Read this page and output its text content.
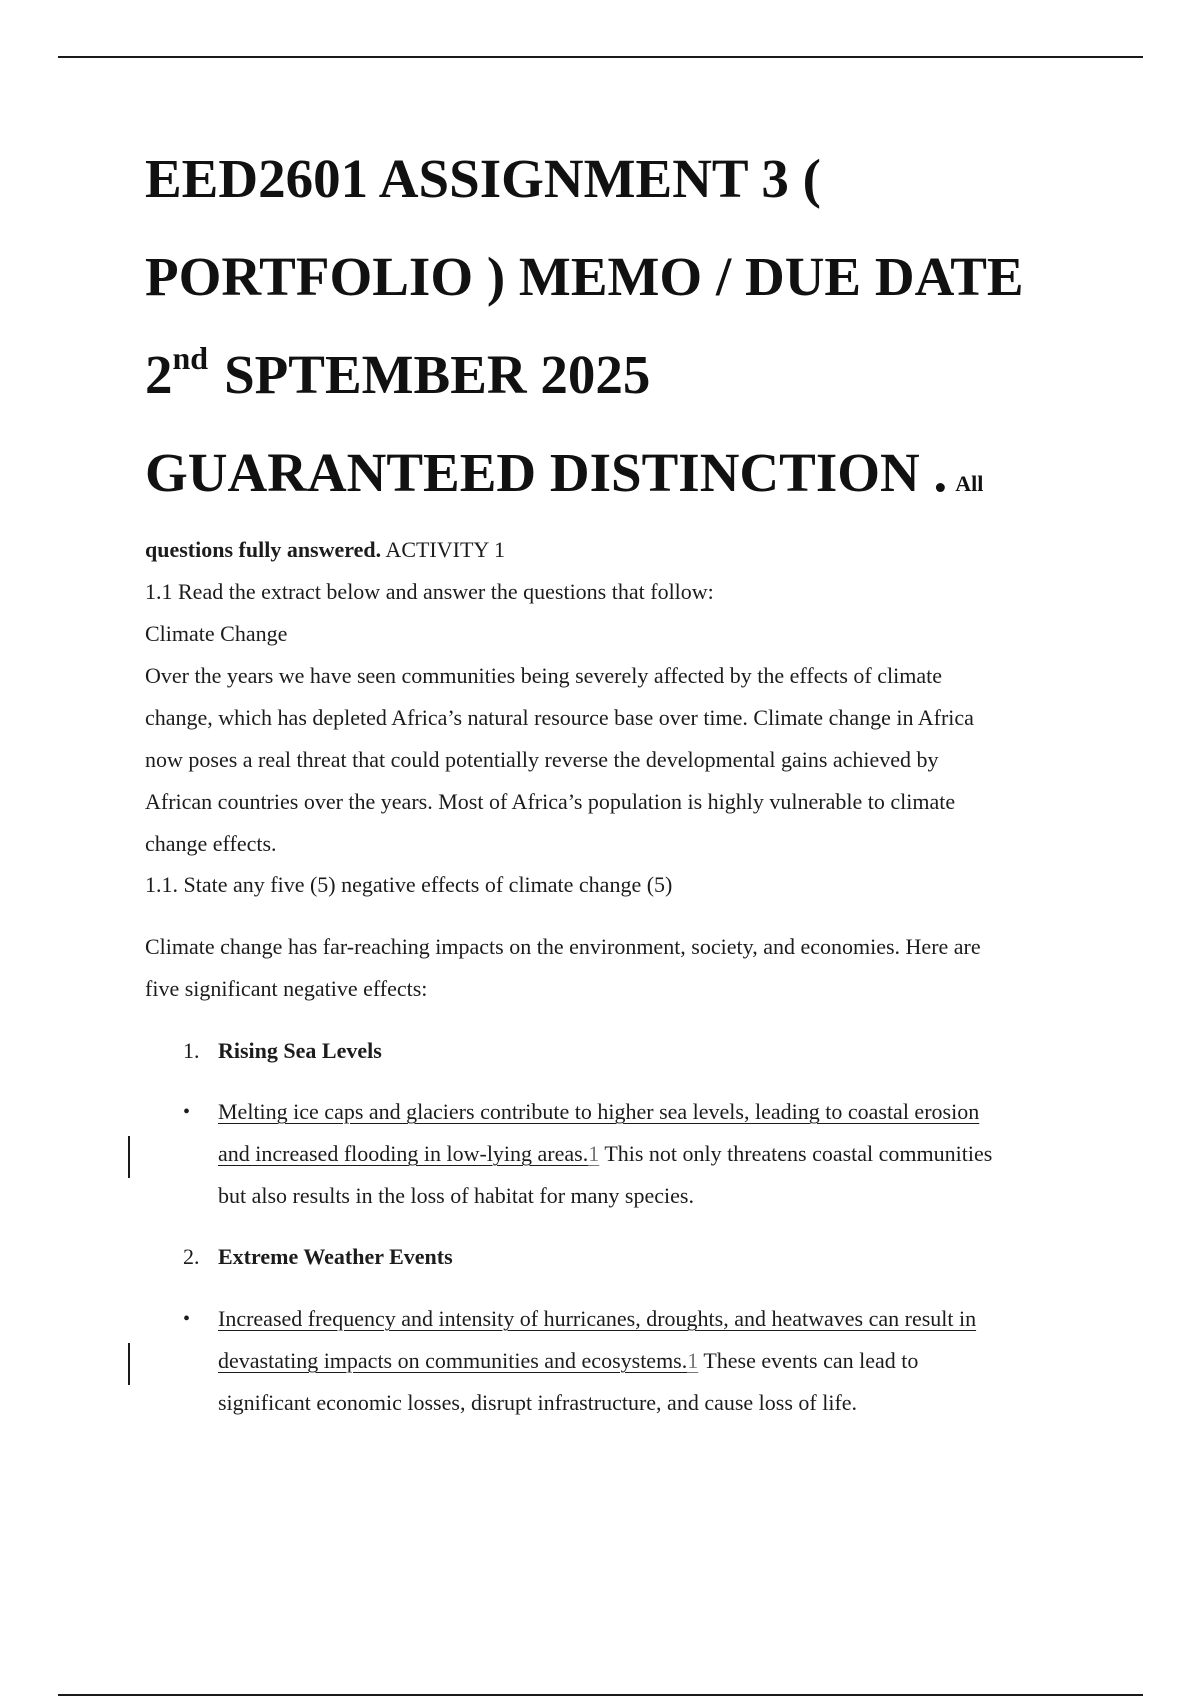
EED2601 ASSIGNMENT 3 (
PORTFOLIO ) MEMO / DUE DATE
2nd SPTEMBER 2025
GUARANTEED DISTINCTION . All

questions fully answered. ACTIVITY 1

1.1 Read the extract below and answer the questions that follow:

Climate Change

Over the years we have seen communities being severely affected by the effects of climate

change, which has depleted Africa’s natural resource base over time. Climate change in Africa

now poses a real threat that could potentially reverse the developmental gains achieved by

African countries over the years. Most of Africa’s population is highly vulnerable to climate

change effects.

1.1. State any five (5) negative effects of climate change (5)

Climate change has far-reaching impacts on the environment, society, and economies. Here are

five significant negative effects:

1. Rising Sea Levels
• Melting ice caps and glaciers contribute to higher sea levels, leading to coastal erosion
and increased flooding in low-lying areas.1 This not only threatens coastal communities
but also results in the loss of habitat for many species.

2. Extreme Weather Events
• Increased frequency and intensity of hurricanes, droughts, and heatwaves can result in
devastating impacts on communities and ecosystems.1 These events can lead to
significant economic losses, disrupt infrastructure, and cause loss of life.
